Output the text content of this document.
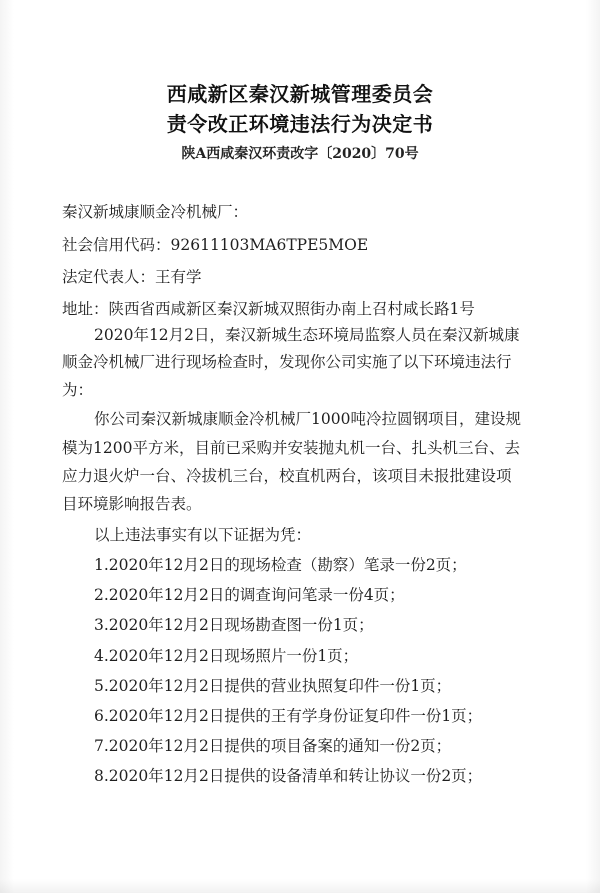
西咸新区秦汉新城管理委员会
责令改正环境违法行为决定书
陕A西咸秦汉环责改字〔2020〕70号
秦汉新城康顺金冷机械厂：
社会信用代码：92611103MA6TPE5MOE
法定代表人：王有学
地址：陕西省西咸新区秦汉新城双照街办南上召村咸长路1号
2020年12月2日，秦汉新城生态环境局监察人员在秦汉新城康
顺金冷机械厂进行现场检查时，发现你公司实施了以下环境违法行
为：
你公司秦汉新城康顺金冷机械厂1000吨冷拉圆钢项目，建设规
模为1200平方米，目前已采购并安装抛丸机一台、扎头机三台、去
应力退火炉一台、冷拔机三台，校直机两台，该项目未报批建设项
目环境影响报告表。
以上违法事实有以下证据为凭：
1.2020年12月2日的现场检查（勘察）笔录一份2页；
2.2020年12月2日的调查询问笔录一份4页；
3.2020年12月2日现场勘查图一份1页；
4.2020年12月2日现场照片一份1页；
5.2020年12月2日提供的营业执照复印件一份1页；
6.2020年12月2日提供的王有学身份证复印件一份1页；
7.2020年12月2日提供的项目备案的通知一份2页；
8.2020年12月2日提供的设备清单和转让协议一份2页；
